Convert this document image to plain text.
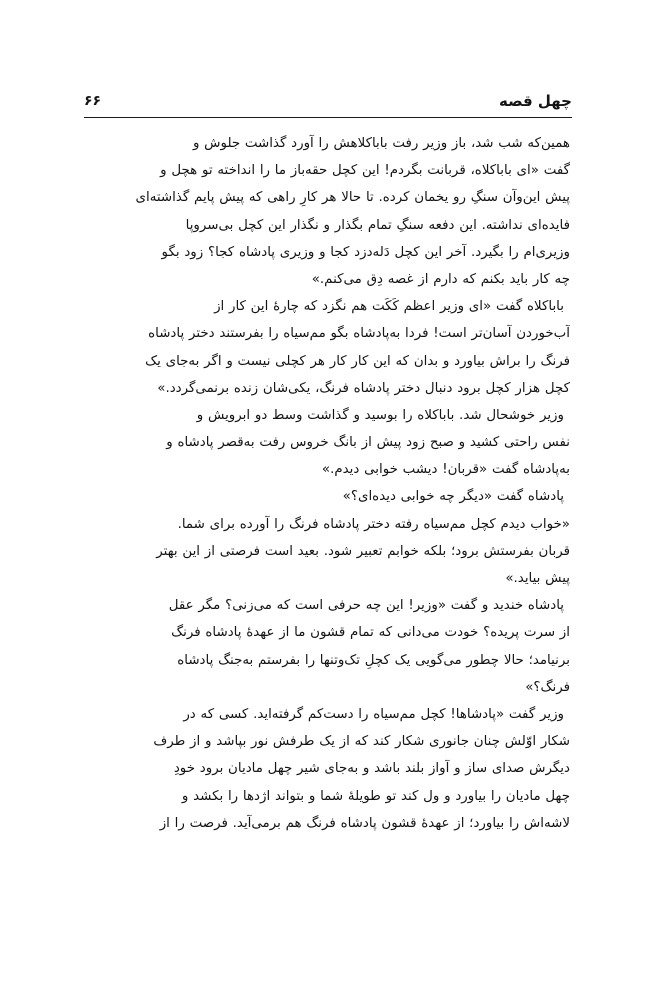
چهل قصه
۶۶
همین‌که شب شد، باز وزیر رفت باباکلاهش را آورد گذاشت جلوش و
گفت «ای باباکلاه، قربانت بگردم! این کچل حقه‌باز ما را انداخته تو هچل و
پیش این‌وآن سنگِ رو یخمان کرده. تا حالا هر کارِ راهی که پیش پایم گذاشته‌ای
فایده‌ای نداشته. این دفعه سنگِ تمام بگذار و نگذار این کچل بی‌سروپا
وزیری‌ام را بگیرد. آخر این کچل دَله‌دزد کجا و وزیری پادشاه کجا؟ زود بگو
چه کار باید بکنم که دارم از غصه دِق می‌کنم.»
باباکلاه گفت «ای وزیر اعظم کَکَت هم نگزد که چارهٔ این کار از
آب‌خوردن آسان‌تر است! فردا به‌پادشاه بگو مم‌سیاه را بفرستند دختر پادشاه
فرنگ را براش بیاورد و بدان که این کار کار هر کچلی نیست و اگر به‌جای یک
کچل هزار کچل برود دنبال دختر پادشاه فرنگ، یکی‌شان زنده برنمی‌گردد.»
وزیر خوشحال شد. باباکلاه را بوسید و گذاشت وسط دو ابرویش و
نفس راحتی کشید و صبح زود پیش از بانگ خروس رفت به‌قصر پادشاه و
به‌پادشاه گفت «قربان! دیشب خوابی دیدم.»
پادشاه گفت «دیگر چه خوابی دیده‌ای؟»
«خواب دیدم کچل مم‌سیاه رفته دختر پادشاه فرنگ را آورده برای شما.
قربان بفرستش برود؛ بلکه خوابم تعبیر شود. بعید است فرصتی از این بهتر
پیش بیاید.»
پادشاه خندید و گفت «وزیر! این چه حرفی است که می‌زنی؟ مگر عقل
از سرت پریده؟ خودت می‌دانی که تمام قشون ما از عهدهٔ پادشاه فرنگ
برنیامد؛ حالا چطور می‌گویی یک کچلِ تک‌وتنها را بفرستم به‌جنگ پادشاه
فرنگ؟»
وزیر گفت «پادشاها! کچل مم‌سیاه را دست‌کم گرفته‌اید. کسی که در
شکار اوّلش چنان جانوری شکار کند که از یک طرفش نور بپاشد و از طرف
دیگرش صدای ساز و آواز بلند باشد و به‌جای شیر چهل مادیان برود خودِ
چهل مادیان را بیاورد و ول کند تو طویلهٔ شما و بتواند اژدها را بکشد و
لاشه‌اش را بیاورد؛ از عهدهٔ قشون پادشاه فرنگ هم برمی‌آید. فرصت را از
